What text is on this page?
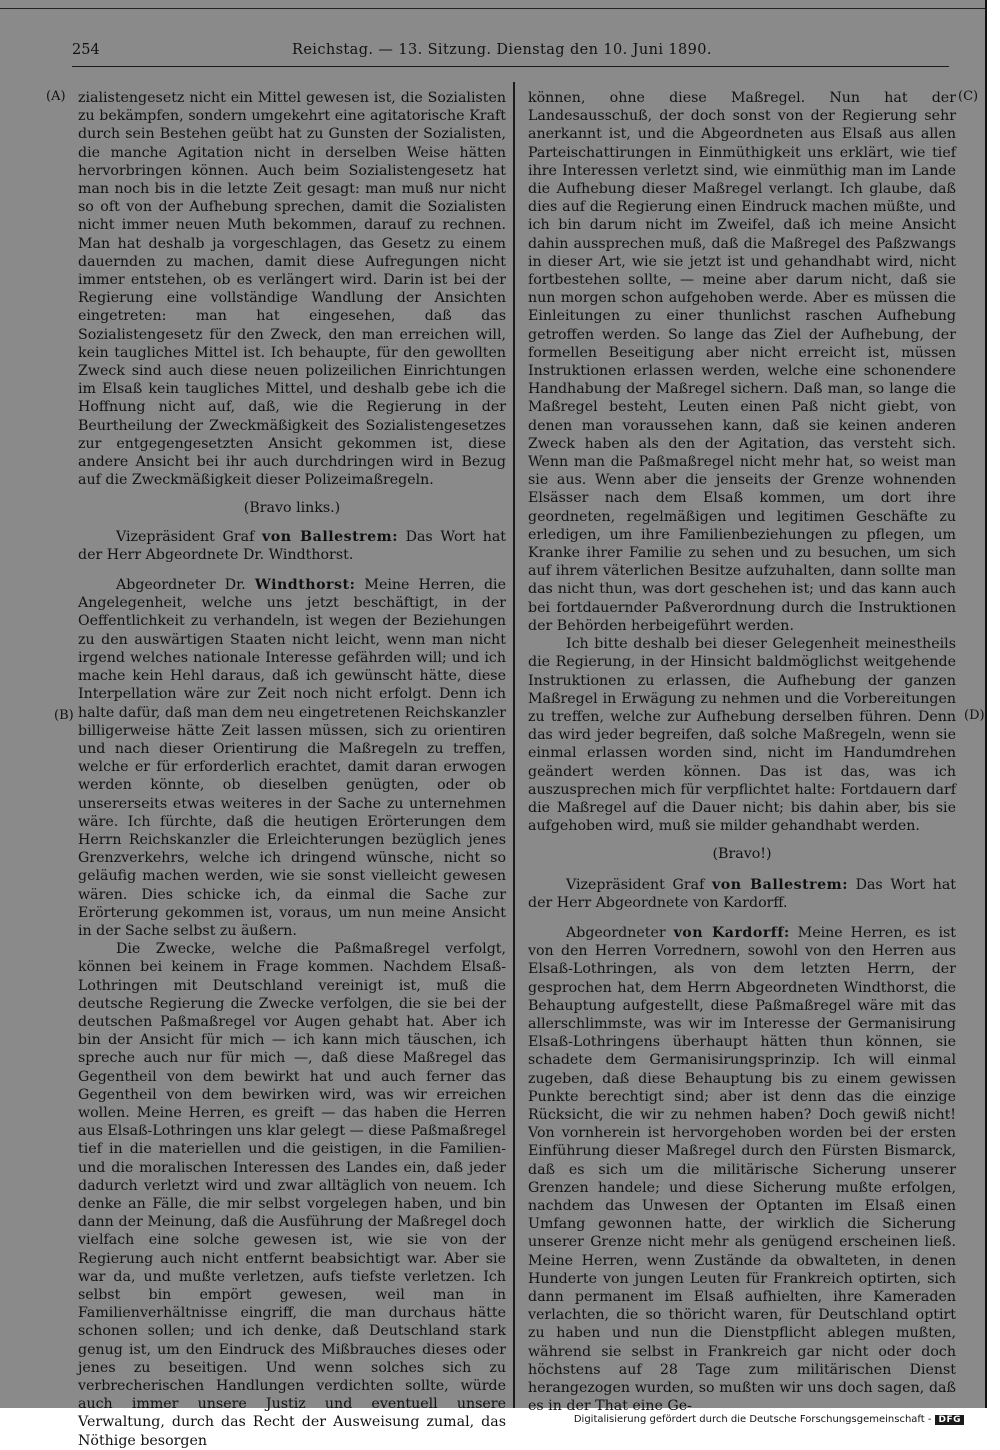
254	Reichstag. — 13. Sitzung. Dienstag den 10. Juni 1890.
(A)
(B)
(C)
(D)

zialistengesetz nicht ein Mittel gewesen ist, die Sozialisten zu bekämpfen, sondern umgekehrt eine agitatorische Kraft durch sein Bestehen geübt hat zu Gunsten der Sozialisten, die manche Agitation nicht in derselben Weise hätten hervorbringen können. Auch beim Sozialistengesetz hat man noch bis in die letzte Zeit gesagt: man muß nur nicht so oft von der Aufhebung sprechen, damit die Sozialisten nicht immer neuen Muth bekommen, darauf zu rechnen. Man hat deshalb ja vorgeschlagen, das Gesetz zu einem dauernden zu machen, damit diese Aufregungen nicht immer entstehen, ob es verlängert wird. Darin ist bei der Regierung eine vollständige Wandlung der Ansichten eingetreten: man hat eingesehen, daß das Sozialistengesetz für den Zweck, den man erreichen will, kein taugliches Mittel ist. Ich behaupte, für den gewollten Zweck sind auch diese neuen polizeilichen Einrichtungen im Elsaß kein taugliches Mittel, und deshalb gebe ich die Hoffnung nicht auf, daß, wie die Regierung in der Beurtheilung der Zweckmäßigkeit des Sozialistengesetzes zur entgegengesetzten Ansicht gekommen ist, diese andere Ansicht bei ihr auch durchdringen wird in Bezug auf die Zweckmäßigkeit dieser Polizeimaßregeln.

(Bravo links.)

Vizepräsident Graf von Ballestrem: Das Wort hat der Herr Abgeordnete Dr. Windthorst.

Abgeordneter Dr. Windthorst: Meine Herren, die Angelegenheit, welche uns jetzt beschäftigt, in der Oeffentlichkeit zu verhandeln, ist wegen der Beziehungen zu den auswärtigen Staaten nicht leicht, wenn man nicht irgend welches nationale Interesse gefährden will; und ich mache kein Hehl daraus, daß ich gewünscht hätte, diese Interpellation wäre zur Zeit noch nicht erfolgt. Denn ich halte dafür, daß man dem neu eingetretenen Reichskanzler billigerweise hätte Zeit lassen müssen, sich zu orientiren und nach dieser Orientirung die Maßregeln zu treffen, welche er für erforderlich erachtet, damit daran erwogen werden könnte, ob dieselben genügten, oder ob unsererseits etwas weiteres in der Sache zu unternehmen wäre. Ich fürchte, daß die heutigen Erörterungen dem Herrn Reichskanzler die Erleichterungen bezüglich jenes Grenzverkehrs, welche ich dringend wünsche, nicht so geläufig machen werden, wie sie sonst vielleicht gewesen wären. Dies schicke ich, da einmal die Sache zur Erörterung gekommen ist, voraus, um nun meine Ansicht in der Sache selbst zu äußern.

Die Zwecke, welche die Paßmaßregel verfolgt, können bei keinem in Frage kommen. Nachdem Elsaß-Lothringen mit Deutschland vereinigt ist, muß die deutsche Regierung die Zwecke verfolgen, die sie bei der deutschen Paßmaßregel vor Augen gehabt hat. Aber ich bin der Ansicht für mich — ich kann mich täuschen, ich spreche auch nur für mich —, daß diese Maßregel das Gegentheil von dem bewirkt hat und auch ferner das Gegentheil von dem bewirken wird, was wir erreichen wollen. Meine Herren, es greift — das haben die Herren aus Elsaß-Lothringen uns klar gelegt — diese Paßmaßregel tief in die materiellen und die geistigen, in die Familien- und die moralischen Interessen des Landes ein, daß jeder dadurch verletzt wird und zwar alltäglich von neuem. Ich denke an Fälle, die mir selbst vorgelegen haben, und bin dann der Meinung, daß die Ausführung der Maßregel doch vielfach eine solche gewesen ist, wie sie von der Regierung auch nicht entfernt beabsichtigt war. Aber sie war da, und mußte verletzen, aufs tiefste verletzen. Ich selbst bin empört gewesen, weil man in Familienverhältnisse eingriff, die man durchaus hätte schonen sollen; und ich denke, daß Deutschland stark genug ist, um den Eindruck des Mißbrauches dieses oder jenes zu beseitigen. Und wenn solches sich zu verbrecherischen Handlungen verdichten sollte, würde auch immer unsere Justiz und eventuell unsere Verwaltung, durch das Recht der Ausweisung zumal, das Nöthige besorgen

können, ohne diese Maßregel. Nun hat der Landesausschuß, der doch sonst von der Regierung sehr anerkannt ist, und die Abgeordneten aus Elsaß aus allen Parteischattirungen in Einmüthigkeit uns erklärt, wie tief ihre Interessen verletzt sind, wie einmüthig man im Lande die Aufhebung dieser Maßregel verlangt. Ich glaube, daß dies auf die Regierung einen Eindruck machen müßte, und ich bin darum nicht im Zweifel, daß ich meine Ansicht dahin aussprechen muß, daß die Maßregel des Paßzwangs in dieser Art, wie sie jetzt ist und gehandhabt wird, nicht fortbestehen sollte, — meine aber darum nicht, daß sie nun morgen schon aufgehoben werde. Aber es müssen die Einleitungen zu einer thunlichst raschen Aufhebung getroffen werden. So lange das Ziel der Aufhebung, der formellen Beseitigung aber nicht erreicht ist, müssen Instruktionen erlassen werden, welche eine schonendere Handhabung der Maßregel sichern. Daß man, so lange die Maßregel besteht, Leuten einen Paß nicht giebt, von denen man voraussehen kann, daß sie keinen anderen Zweck haben als den der Agitation, das versteht sich. Wenn man die Paßmaßregel nicht mehr hat, so weist man sie aus. Wenn aber die jenseits der Grenze wohnenden Elsässer nach dem Elsaß kommen, um dort ihre geordneten, regelmäßigen und legitimen Geschäfte zu erledigen, um ihre Familienbeziehungen zu pflegen, um Kranke ihrer Familie zu sehen und zu besuchen, um sich auf ihrem väterlichen Besitze aufzuhalten, dann sollte man das nicht thun, was dort geschehen ist; und das kann auch bei fortdauernder Paßverordnung durch die Instruktionen der Behörden herbeigeführt werden.

Ich bitte deshalb bei dieser Gelegenheit meinestheils die Regierung, in der Hinsicht baldmöglichst weitgehende Instruktionen zu erlassen, die Aufhebung der ganzen Maßregel in Erwägung zu nehmen und die Vorbereitungen zu treffen, welche zur Aufhebung derselben führen. Denn das wird jeder begreifen, daß solche Maßregeln, wenn sie einmal erlassen worden sind, nicht im Handumdrehen geändert werden können. Das ist das, was ich auszusprechen mich für verpflichtet halte: Fortdauern darf die Maßregel auf die Dauer nicht; bis dahin aber, bis sie aufgehoben wird, muß sie milder gehandhabt werden.

(Bravo!)

Vizepräsident Graf von Ballestrem: Das Wort hat der Herr Abgeordnete von Kardorff.

Abgeordneter von Kardorff: Meine Herren, es ist von den Herren Vorrednern, sowohl von den Herren aus Elsaß-Lothringen, als von dem letzten Herrn, der gesprochen hat, dem Herrn Abgeordneten Windthorst, die Behauptung aufgestellt, diese Paßmaßregel wäre mit das allerschlimmste, was wir im Interesse der Germanisirung Elsaß-Lothringens überhaupt hätten thun können, sie schadete dem Germanisirungsprinzip. Ich will einmal zugeben, daß diese Behauptung bis zu einem gewissen Punkte berechtigt sind; aber ist denn das die einzige Rücksicht, die wir zu nehmen haben? Doch gewiß nicht! Von vornherein ist hervorgehoben worden bei der ersten Einführung dieser Maßregel durch den Fürsten Bismarck, daß es sich um die militärische Sicherung unserer Grenzen handele; und diese Sicherung mußte erfolgen, nachdem das Unwesen der Optanten im Elsaß einen Umfang gewonnen hatte, der wirklich die Sicherung unserer Grenze nicht mehr als genügend erscheinen ließ. Meine Herren, wenn Zustände da obwalteten, in denen Hunderte von jungen Leuten für Frankreich optirten, sich dann permanent im Elsaß aufhielten, ihre Kameraden verlachten, die so thöricht waren, für Deutschland optirt zu haben und nun die Dienstpflicht ablegen mußten, während sie selbst in Frankreich gar nicht oder doch höchstens auf 28 Tage zum militärischen Dienst herangezogen wurden, so mußten wir uns doch sagen, daß es in der That eine Ge-

Digitalisierung gefördert durch die Deutsche Forschungsgemeinschaft - DFG
